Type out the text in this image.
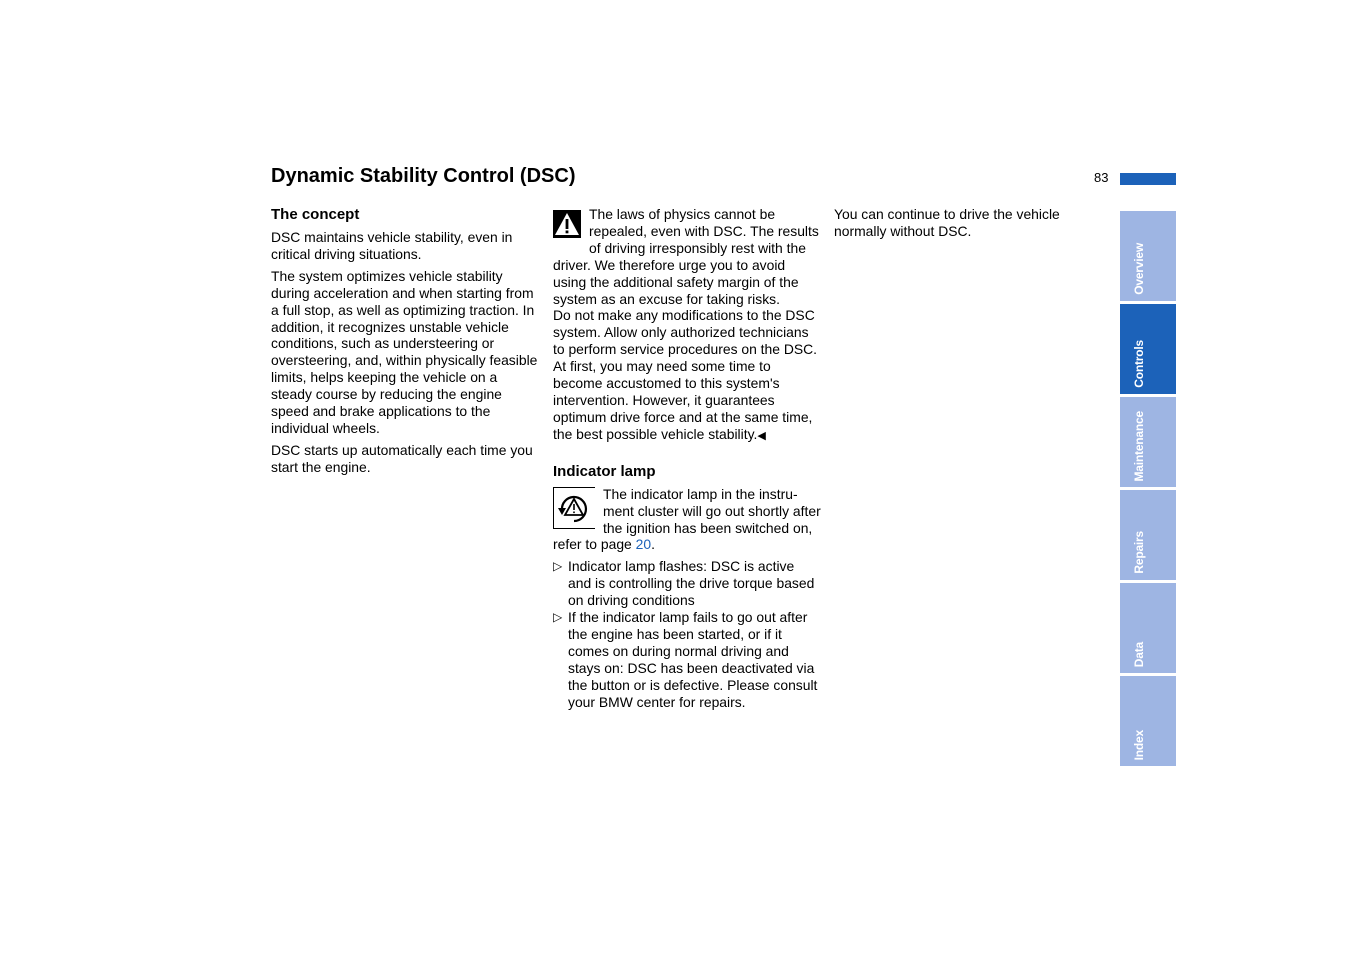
Dynamic Stability Control (DSC)	83
The concept

DSC maintains vehicle stability, even in critical driving situations.

The system optimizes vehicle stability during acceleration and when starting from a full stop, as well as optimizing traction. In addition, it recognizes unstable vehicle conditions, such as understeering or oversteering, and, within physically feasible limits, helps keeping the vehicle on a steady course by reducing the engine speed and brake applications to the individual wheels.

DSC starts up automatically each time you start the engine.

The laws of physics cannot be repealed, even with DSC. The results of driving irresponsibly rest with the driver. We therefore urge you to avoid using the additional safety margin of the system as an excuse for taking risks.
Do not make any modifications to the DSC system. Allow only authorized technicians to perform service procedures on the DSC. At first, you may need some time to become accustomed to this system's intervention. However, it guarantees optimum drive force and at the same time, the best possible vehicle stability.◀
Indicator lamp

The indicator lamp in the instrument cluster will go out shortly after the ignition has been switched on, refer to page 20.

▷ Indicator lamp flashes: DSC is active and is controlling the drive torque based on driving conditions
▷ If the indicator lamp fails to go out after the engine has been started, or if it comes on during normal driving and stays on: DSC has been deactivated via the button or is defective. Please consult your BMW center for repairs.

You can continue to drive the vehicle normally without DSC.

Overview
Controls
Maintenance
Repairs
Data
Index
